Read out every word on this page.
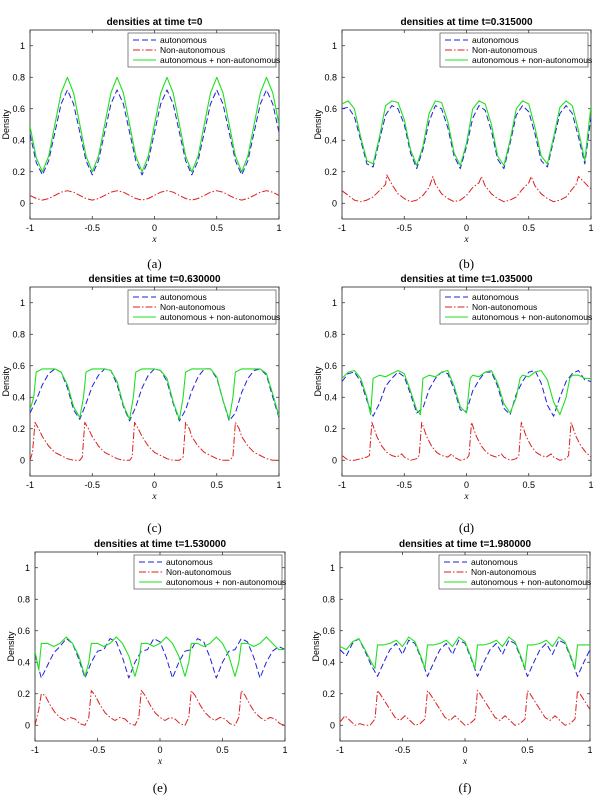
densities at time t=0
0
0.2
0.4
0.6
0.8
1
-1	-0.5	0	0.5	1
x
Density
autonomous
Non-autonomous
autonomous + non-autonomous
(a)
densities at time t=0.315000
0
0.2
0.4
0.6
0.8
1
-1	-0.5	0	0.5	1
x
Density
autonomous
Non-autonomous
autonomous + non-autonomous
(b)
densities at time t=0.630000
0
0.2
0.4
0.6
0.8
1
-1	-0.5	0	0.5	1
x
Density
autonomous
Non-autonomous
autonomous + non-autonomous
(c)
densities at time t=1.035000
0
0.2
0.4
0.6
0.8
1
-1	-0.5	0	0.5	1
x
Density
autonomous
Non-autonomous
autonomous + non-autonomous
(d)
densities at time t=1.530000
0
0.2
0.4
0.6
0.8
1
-1	-0.5	0	0.5	1
x
Density
autonomous
Non-autonomous
autonomous + non-autonomous
(e)
densities at time t=1.980000
0
0.2
0.4
0.6
0.8
1
-1	-0.5	0	0.5	1
x
Density
autonomous
Non-autonomous
autonomous + non-autonomous
(f)
